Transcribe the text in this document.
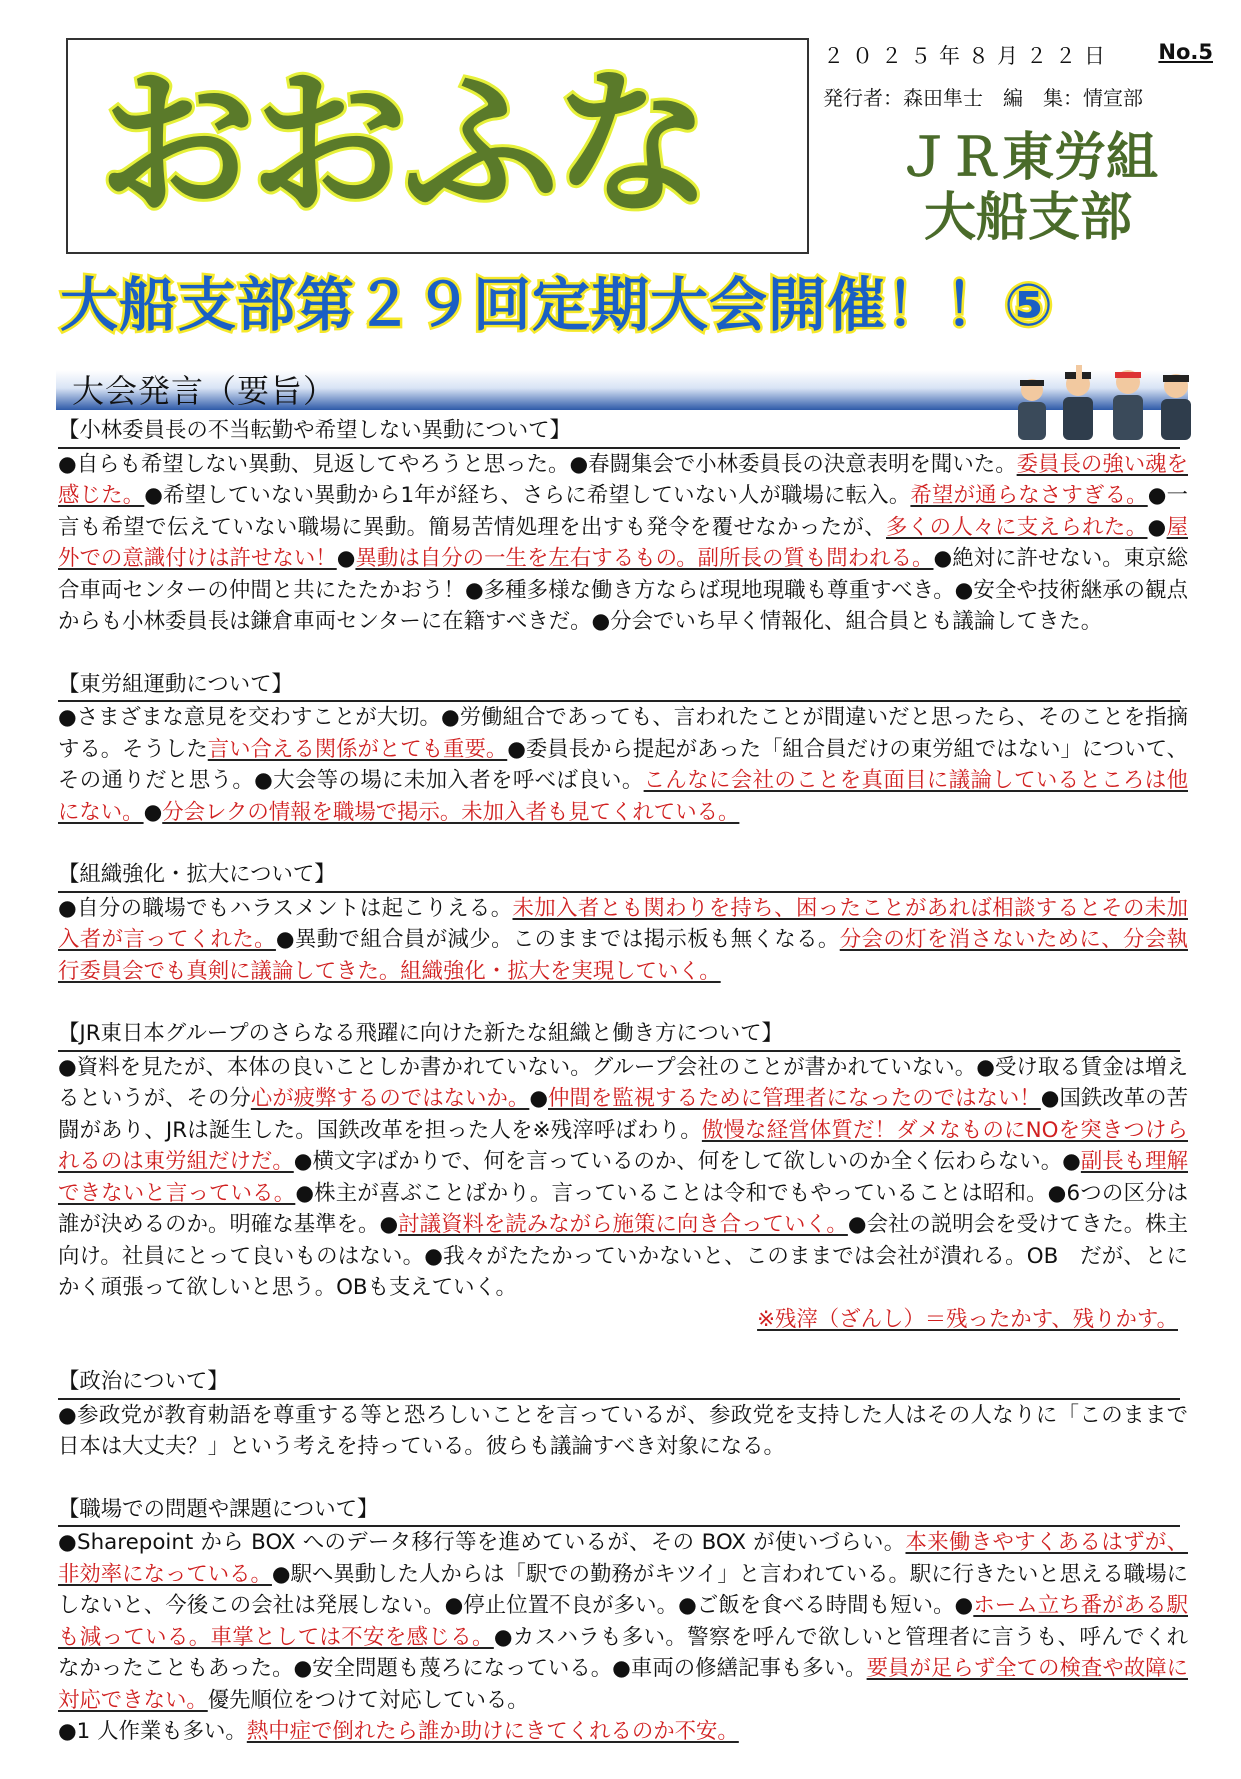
おおふな	２０２５年８月２２日 No.5
発行者：森田隼士　編　集：情宣部
ＪＲ東労組
大船支部
大船支部第２９回定期大会開催！！⑤
大会発言（要旨）
【小林委員長の不当転勤や希望しない異動について】
●自らも希望しない異動、見返してやろうと思った。●春闘集会で小林委員長の決意表明を聞いた。委員長の強い魂を感じた。●希望していない異動から1年が経ち、さらに希望していない人が職場に転入。希望が通らなさすぎる。●一言も希望で伝えていない職場に異動。簡易苦情処理を出すも発令を覆せなかったが、多くの人々に支えられた。●屋外での意識付けは許せない！●異動は自分の一生を左右するもの。副所長の質も問われる。●絶対に許せない。東京総合車両センターの仲間と共にたたかおう！●多種多様な働き方ならば現地現職も尊重すべき。●安全や技術継承の観点からも小林委員長は鎌倉車両センターに在籍すべきだ。●分会でいち早く情報化、組合員とも議論してきた。
【東労組運動について】
●さまざまな意見を交わすことが大切。●労働組合であっても、言われたことが間違いだと思ったら、そのことを指摘する。そうした言い合える関係がとても重要。●委員長から提起があった「組合員だけの東労組ではない」について、その通りだと思う。●大会等の場に未加入者を呼べば良い。こんなに会社のことを真面目に議論しているところは他にない。●分会レクの情報を職場で掲示。未加入者も見てくれている。
【組織強化・拡大について】
●自分の職場でもハラスメントは起こりえる。未加入者とも関わりを持ち、困ったことがあれば相談するとその未加入者が言ってくれた。●異動で組合員が減少。このままでは掲示板も無くなる。分会の灯を消さないために、分会執行委員会でも真剣に議論してきた。組織強化・拡大を実現していく。
【JR東日本グループのさらなる飛躍に向けた新たな組織と働き方について】
●資料を見たが、本体の良いことしか書かれていない。グループ会社のことが書かれていない。●受け取る賃金は増えるというが、その分心が疲弊するのではないか。●仲間を監視するために管理者になったのではない！●国鉄改革の苦闘があり、JRは誕生した。国鉄改革を担った人を※残滓呼ばわり。傲慢な経営体質だ！ダメなものにNOを突きつけられるのは東労組だけだ。●横文字ばかりで、何を言っているのか、何をして欲しいのか全く伝わらない。●副長も理解できないと言っている。●株主が喜ぶことばかり。言っていることは令和でもやっていることは昭和。●6つの区分は誰が決めるのか。明確な基準を。●討議資料を読みながら施策に向き合っていく。●会社の説明会を受けてきた。株主向け。社員にとって良いものはない。●我々がたたかっていかないと、このままでは会社が潰れる。OB　だが、とにかく頑張って欲しいと思う。OBも支えていく。
※残滓（ざんし）＝残ったかす、残りかす。
【政治について】
●参政党が教育勅語を尊重する等と恐ろしいことを言っているが、参政党を支持した人はその人なりに「このままで日本は大丈夫？」という考えを持っている。彼らも議論すべき対象になる。
【職場での問題や課題について】
●Sharepoint から BOX へのデータ移行等を進めているが、その BOX が使いづらい。本来働きやすくあるはずが、非効率になっている。●駅へ異動した人からは「駅での勤務がキツイ」と言われている。駅に行きたいと思える職場にしないと、今後この会社は発展しない。●停止位置不良が多い。●ご飯を食べる時間も短い。●ホーム立ち番がある駅も減っている。車掌としては不安を感じる。●カスハラも多い。警察を呼んで欲しいと管理者に言うも、呼んでくれなかったこともあった。●安全問題も蔑ろになっている。●車両の修繕記事も多い。要員が足らず全ての検査や故障に対応できない。優先順位をつけて対応している。
●1 人作業も多い。熱中症で倒れたら誰か助けにきてくれるのか不安。
